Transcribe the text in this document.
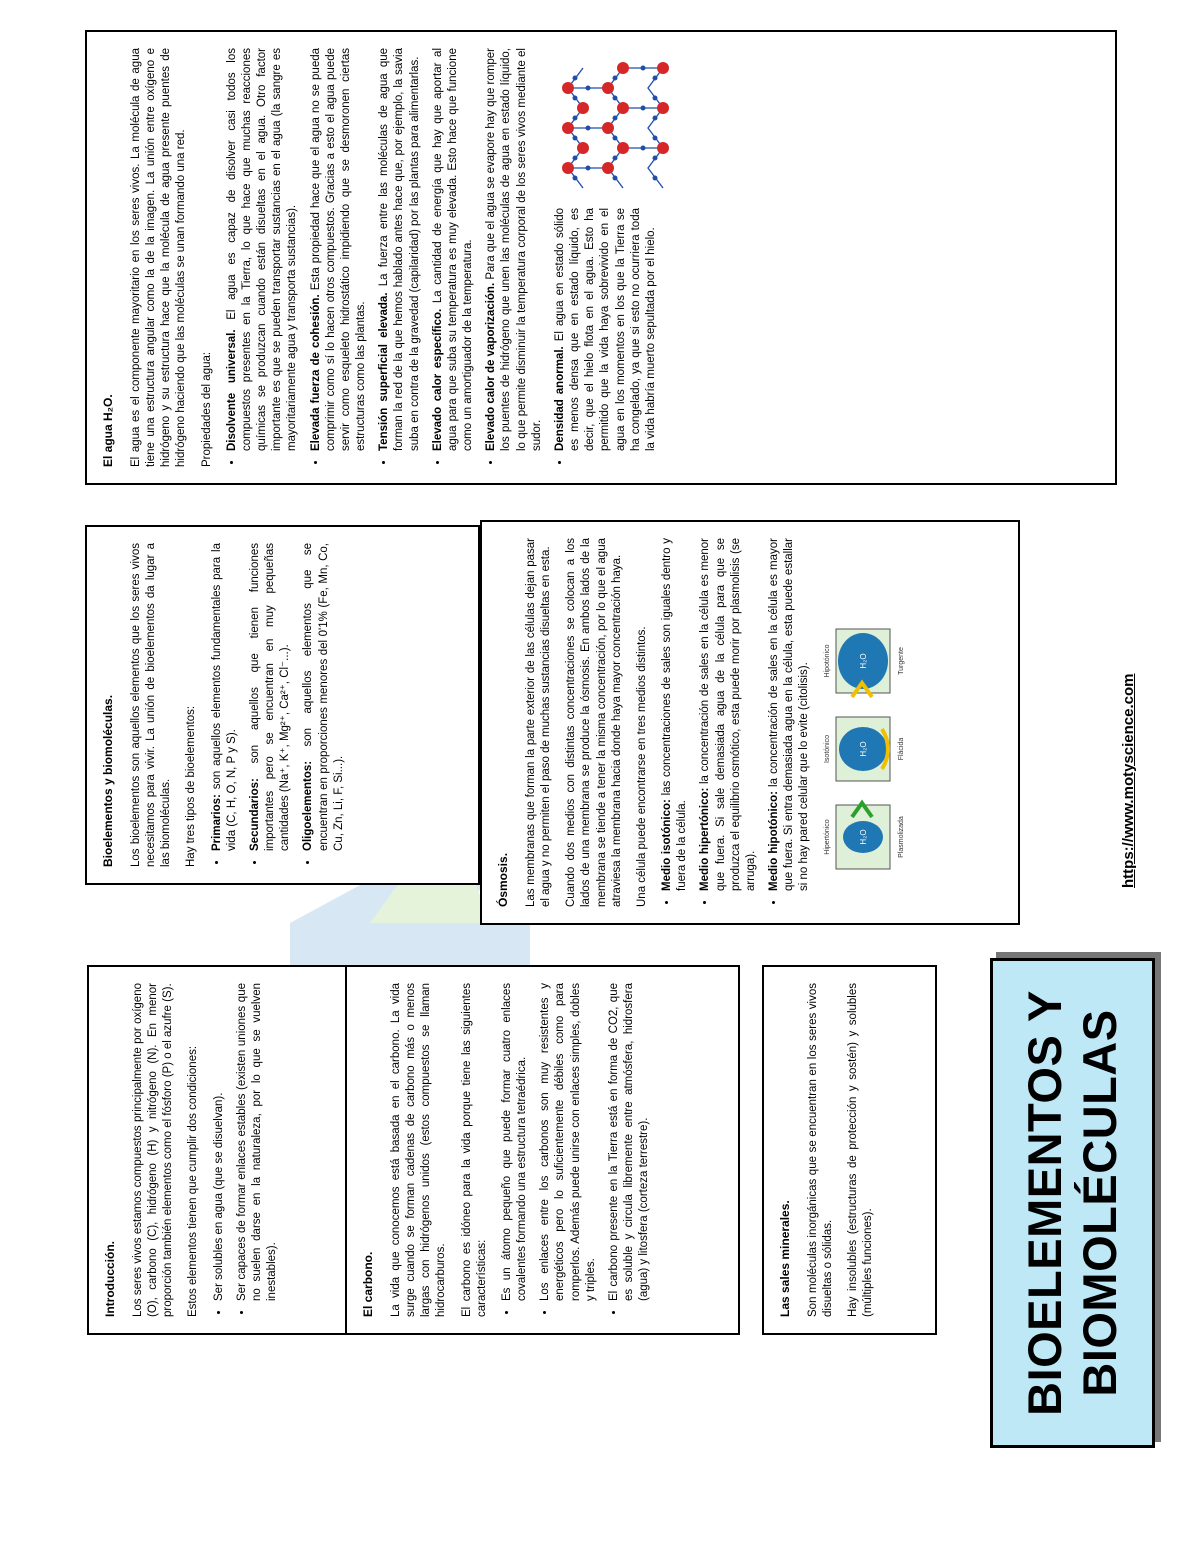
Introducción. Los seres vivos estamos compuestos principalmente por oxígeno (O), carbono (C), hidrógeno (H) y nitrógeno (N). En menor proporción también elementos como el fósforo (P) o el azufre (S). Estos elementos tienen que cumplir dos condiciones: • Ser solubles en agua (que se disuelvan). • Ser capaces de formar enlaces estables (existen uniones que no suelen darse en la naturaleza, por lo que se vuelven inestables).	El carbono. La vida que conocemos está basada en el carbono. La vida surge cuando se forman cadenas de carbono más o menos largas con hidrógenos unidos (estos compuestos se llaman hidrocarburos. El carbono es idóneo para la vida porque tiene las siguientes características: • Es un átomo pequeño que puede formar cuatro enlaces covalentes formando una estructura tetraédrica. • Los enlaces entre los carbonos son muy resistentes y energéticos pero lo suficientemente débiles como para romperlos. Además puede unirse con enlaces simples, dobles y triples. • El carbono presente en la Tierra está en forma de CO2, que es soluble y circula libremente entre atmósfera, hidrosfera (agua) y litosfera (corteza terrestre).	Las sales minerales. Son moléculas inorgánicas que se encuentran en los seres vivos disueltas o sólidas. Hay insolubles (estructuras de protección y sostén) y solubles (múltiples funciones).	BIOELEMENTOS Y BIOMOLÉCULAS
Bioelementos y biomoléculas. Los bioelementos son aquellos elementos que los seres vivos necesitamos para vivir. La unión de bioelementos da lugar a las biomoléculas. Hay tres tipos de bioelementos: • Primarios: son aquellos elementos fundamentales para la vida (C, H, O, N, P y S). • Secundarios: son aquellos que tienen funciones importantes pero se encuentran en muy pequeñas cantidades (Na⁺, K⁺, Mg²⁺, Ca²⁺, Cl⁻...). • Oligoelementos: son aquellos elementos que se encuentran en proporciones menores del 0'1% (Fe, Mn, Co, Cu, Zn, Li, F, Si...).
Ósmosis. Las membranas que forman la parte exterior de las células dejan pasar el agua y no permiten el paso de muchas sustancias disueltas en esta. Cuando dos medios con distintas concentraciones se colocan a los lados de una membrana se produce la ósmosis. En ambos lados de la membrana se tiende a tener la misma concentración, por lo que el agua atraviesa la membrana hacia donde haya mayor concentración haya. Una célula puede encontrarse en tres medios distintos. • Medio isotónico: las concentraciones de sales son iguales dentro y fuera de la célula. • Medio hipertónico: la concentración de sales en la célula es menor que fuera. Si sale demasiada agua de la célula para que se produzca el equilibrio osmótico, esta puede morir por plasmolisis (se arruga). • Medio hipotónico: la concentración de sales en la célula es mayor que fuera. Si entra demasiada agua en la célula, esta puede estallar si no hay pared celular que lo evite (citolisis).	Hipertónico	H₂O	Plasmolizada
Isotónico	H₂O	Flácida
Hipotónico	H₂O	Turgente
https://www.motyscience.com
El agua H₂O. El agua es el componente mayoritario en los seres vivos. La molécula de agua tiene una estructura angular como la de la imagen. La unión entre oxígeno e hidrógeno y su estructura hace que la molécula de agua presente puentes de hidrógeno haciendo que las moléculas se unan formando una red. Propiedades del agua: • Disolvente universal. El agua es capaz de disolver casi todos los compuestos presentes en la Tierra, lo que hace que muchas reacciones químicas se produzcan cuando están disueltas en el agua. Otro factor importante es que se pueden transportar sustancias en el agua (la sangre es mayoritariamente agua y transporta sustancias). • Elevada fuerza de cohesión. Esta propiedad hace que el agua no se pueda comprimir como sí lo hacen otros compuestos. Gracias a esto el agua puede servir como esqueleto hidrostático impidiendo que se desmoronen ciertas estructuras como las plantas. • Tensión superficial elevada. La fuerza entre las moléculas de agua que forman la red de la que hemos hablado antes hace que, por ejemplo, la savia suba en contra de la gravedad (capilaridad) por las plantas para alimentarlas. • Elevado calor específico. La cantidad de energía que hay que aportar al agua para que suba su temperatura es muy elevada. Esto hace que funcione como un amortiguador de la temperatura. • Elevado calor de vaporización. Para que el agua se evapore hay que romper los puentes de hidrógeno que unen las moléculas de agua en estado líquido, lo que permite disminuir la temperatura corporal de los seres vivos mediante el sudor. • Densidad anormal. El agua en estado sólido es menos densa que en estado líquido, es decir, que el hielo flota en el agua. Esto ha permitido que la vida haya sobrevivido en el agua en los momentos en los que la Tierra se ha congelado, ya que si esto no ocurriera toda la vida habría muerto sepultada por el hielo.
